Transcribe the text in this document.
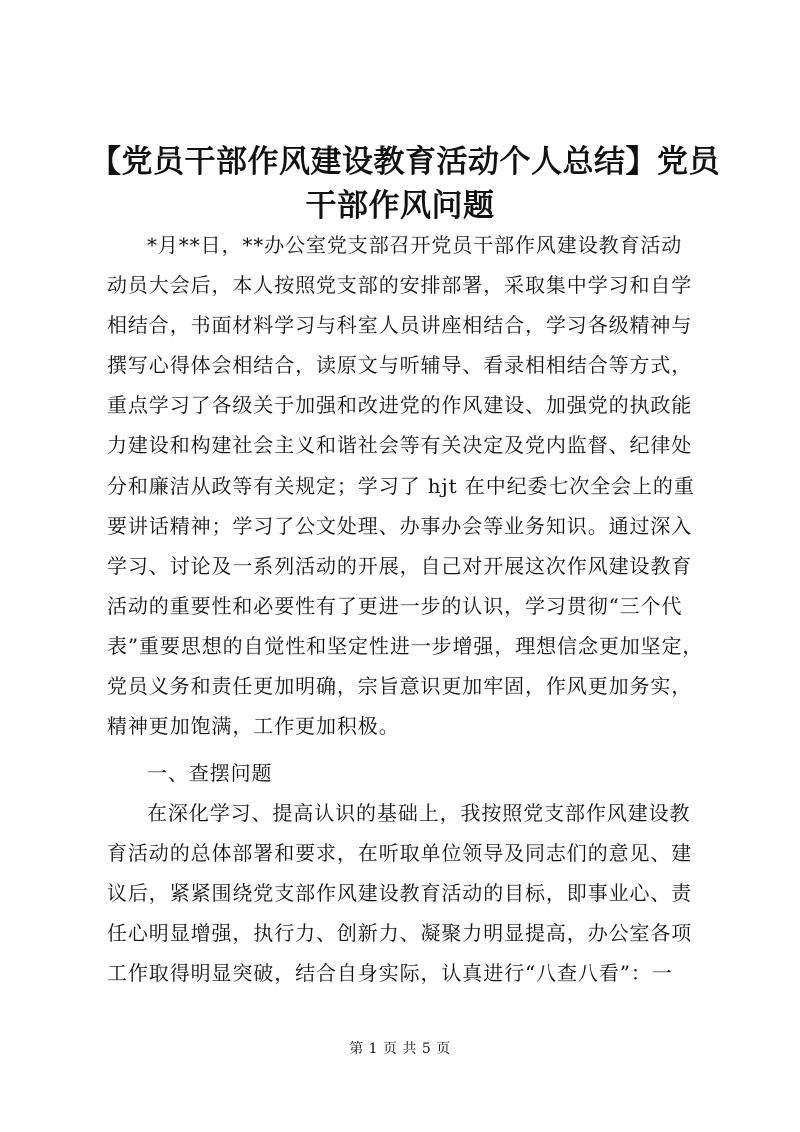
【党员干部作风建设教育活动个人总结】党员
干部作风问题
*月**日，**办公室党支部召开党员干部作风建设教育活动
动员大会后，本人按照党支部的安排部署，采取集中学习和自学
相结合，书面材料学习与科室人员讲座相结合，学习各级精神与
撰写心得体会相结合，读原文与听辅导、看录相相结合等方式，
重点学习了各级关于加强和改进党的作风建设、加强党的执政能
力建设和构建社会主义和谐社会等有关决定及党内监督、纪律处
分和廉洁从政等有关规定；学习了 hjt 在中纪委七次全会上的重
要讲话精神；学习了公文处理、办事办会等业务知识。通过深入
学习、讨论及一系列活动的开展，自己对开展这次作风建设教育
活动的重要性和必要性有了更进一步的认识，学习贯彻“三个代
表”重要思想的自觉性和坚定性进一步增强，理想信念更加坚定，
党员义务和责任更加明确，宗旨意识更加牢固，作风更加务实，
精神更加饱满，工作更加积极。
一、查摆问题
在深化学习、提高认识的基础上，我按照党支部作风建设教
育活动的总体部署和要求，在听取单位领导及同志们的意见、建
议后，紧紧围绕党支部作风建设教育活动的目标，即事业心、责
任心明显增强，执行力、创新力、凝聚力明显提高，办公室各项
工作取得明显突破，结合自身实际，认真进行“八查八看”：一
第 1 页 共 5 页
